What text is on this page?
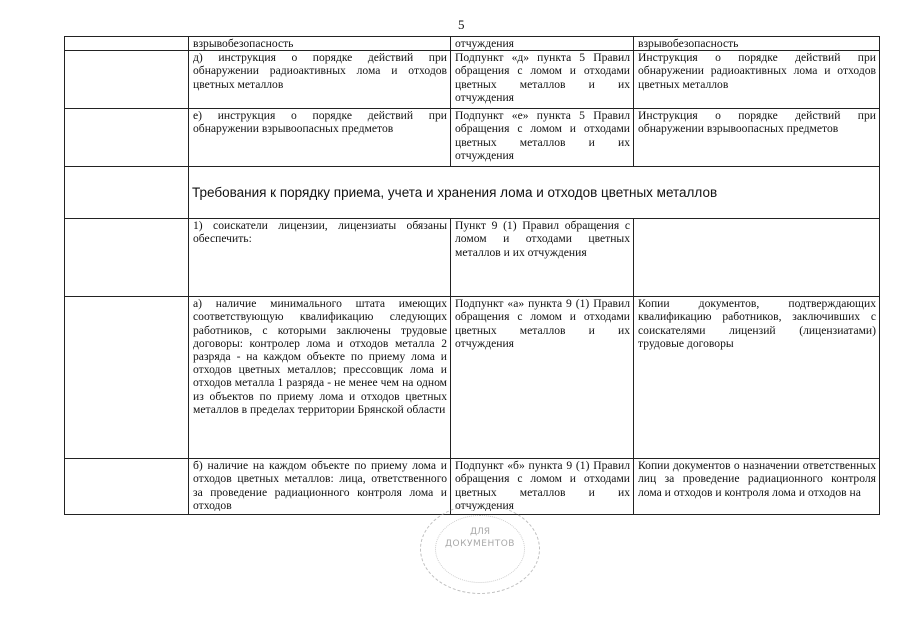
5
	взрывобезопасность	отчуждения	взрывобезопасность
	д) инструкция о порядке действий при обнаружении радиоактивных лома и отходов цветных металлов	Подпункт «д» пункта 5 Правил обращения с ломом и отходами цветных металлов и их отчуждения	Инструкция о порядке действий при обнаружении радиоактивных лома и отходов цветных металлов
	е) инструкция о порядке действий при обнаружении взрывоопасных предметов	Подпункт «е» пункта 5 Правил обращения с ломом и отходами цветных металлов и их отчуждения	Инструкция о порядке действий при обнаружении взрывоопасных предметов
	Требования к порядку приема, учета и хранения лома и отходов цветных металлов		
	1) соискатели лицензии, лицензиаты обязаны обеспечить:	Пункт 9 (1) Правил обращения с ломом и отходами цветных металлов и их отчуждения	
	а) наличие минимального штата имеющих соответствующую квалификацию следующих работников, с которыми заключены трудовые договоры: контролер лома и отходов металла 2 разряда - на каждом объекте по приему лома и отходов цветных металлов; прессовщик лома и отходов металла 1 разряда - не менее чем на одном из объектов по приему лома и отходов цветных металлов в пределах территории Брянской области	Подпункт «а» пункта 9 (1) Правил обращения с ломом и отходами цветных металлов и их отчуждения	Копии документов, подтверждающих квалификацию работников, заключивших с соискателями лицензий (лицензиатами) трудовые договоры

	б) наличие на каждом объекте по приему лома и отходов цветных металлов: лица, ответственного за проведение радиационного контроля лома и отходов	Подпункт «б» пункта 9 (1) Правил обращения с ломом и отходами цветных металлов и их отчуждения	Копии документов о назначении ответственных лиц за проведение радиационного контроля лома и отходов и контроля лома и отходов на
ДЛЯ
ДОКУМЕНТОВ
